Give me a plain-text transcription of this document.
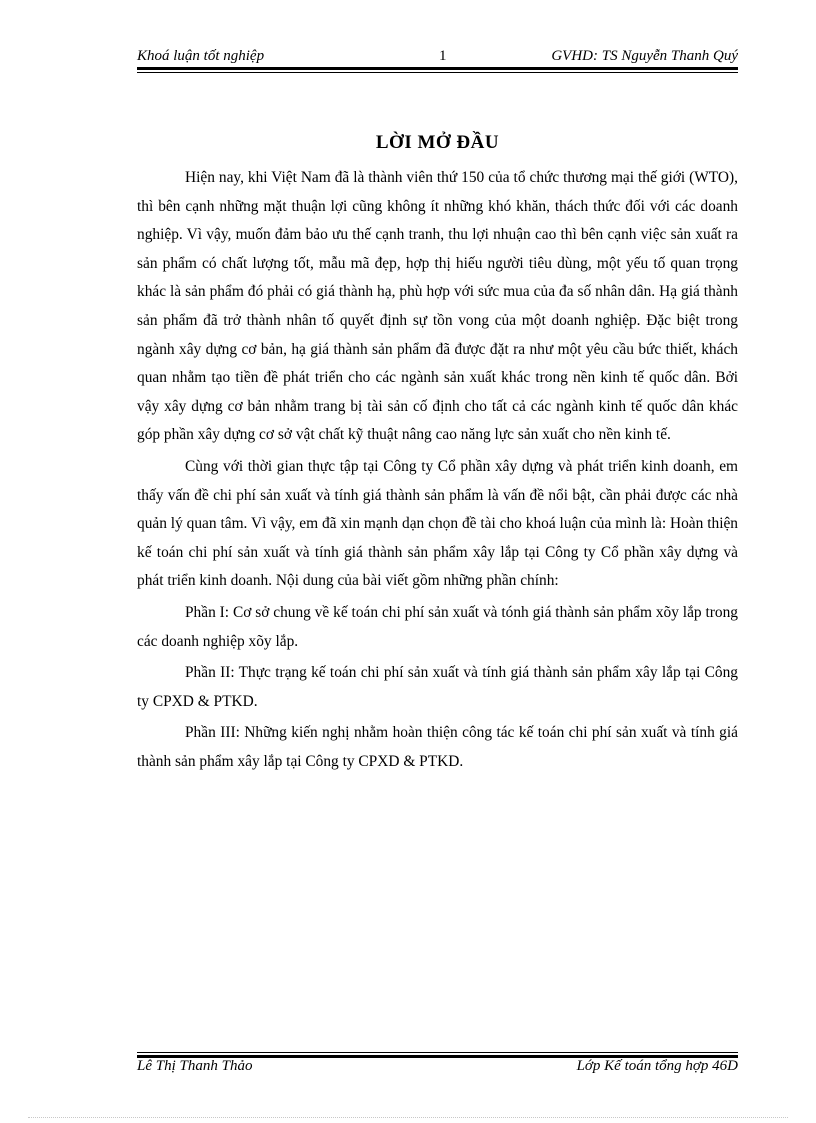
Khoá luận tốt nghiệp	1	GVHD: TS Nguyễn Thanh Quý
LỜI MỞ ĐẦU

Hiện nay, khi Việt Nam đã là thành viên thứ 150 của tổ chức thương mại thế giới (WTO), thì bên cạnh những mặt thuận lợi cũng không ít những khó khăn, thách thức đối với các doanh nghiệp. Vì vậy, muốn đảm bảo ưu thế cạnh tranh, thu lợi nhuận cao thì bên cạnh việc sản xuất ra sản phẩm có chất lượng tốt, mẫu mã đẹp, hợp thị hiếu người tiêu dùng, một yếu tố quan trọng khác là sản phẩm đó phải có giá thành hạ, phù hợp với sức mua của đa số nhân dân. Hạ giá thành sản phẩm đã trở thành nhân tố quyết định sự tồn vong của một doanh nghiệp. Đặc biệt trong ngành xây dựng cơ bản, hạ giá thành sản phẩm đã được đặt ra như một yêu cầu bức thiết, khách quan nhằm tạo tiền đề phát triển cho các ngành sản xuất khác trong nền kinh tế quốc dân. Bởi vậy xây dựng cơ bản nhằm trang bị tài sản cố định cho tất cả các ngành kinh tế quốc dân khác góp phần xây dựng cơ sở vật chất kỹ thuật nâng cao năng lực sản xuất cho nền kinh tế.

Cùng với thời gian thực tập tại Công ty Cổ phần xây dựng và phát triển kinh doanh, em thấy vấn đề chi phí sản xuất và tính giá thành sản phẩm là vấn đề nổi bật, cần phải được các nhà quản lý quan tâm. Vì vậy, em đã xin mạnh dạn chọn đề tài cho khoá luận của mình là: Hoàn thiện kế toán chi phí sản xuất và tính giá thành sản phẩm xây lắp tại Công ty Cổ phần xây dựng và phát triển kinh doanh. Nội dung của bài viết gồm những phần chính:

Phần I: Cơ sở chung về kế toán chi phí sản xuất và tónh giá thành sản phẩm xõy lắp trong các doanh nghiệp xõy lắp.

Phần II: Thực trạng kế toán chi phí sản xuất và tính giá thành sản phẩm xây lắp tại Công ty CPXD & PTKD.

Phần III: Những kiến nghị nhằm hoàn thiện công tác kế toán chi phí sản xuất và tính giá thành sản phẩm xây lắp tại Công ty CPXD & PTKD.

Lê Thị Thanh Thảo	Lớp Kế toán tổng hợp 46D
